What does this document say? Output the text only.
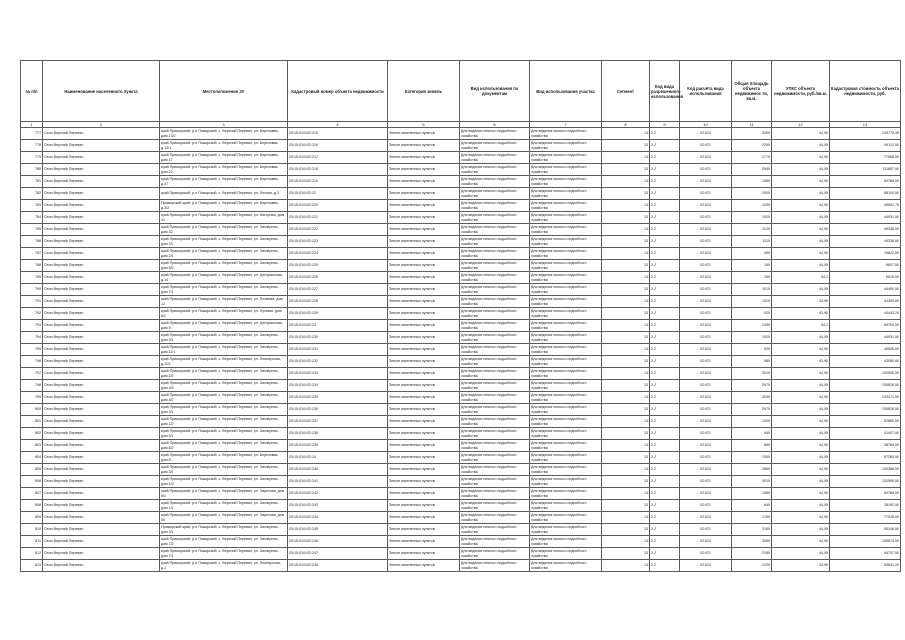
№ п/п	Наименование населенного пункта	Местоположение ЗУ	Кадастровый номер объекта недвижимости	Категория земель	Вид использования по документам	Вид использования участка	Сегмент	Код вида разрешенного использования	Код расчёта вида использования	Общая площадь объекта недвижимос ти, кв.м.	УПКС объекта недвижимости, руб./кв.м.	Кадастровая стоимость объекта недвижимости, руб.
1	2	3	4	5	6	7	8	9	10	11	12	13
777	Село Верхний Перевал	край Приморский, р-н Пожарский, с. Верхний Перевал, ул. Березовая, дом 13/2	25:15:010102:215	Земли населенных пунктов	Для ведения личного подсобного хозяйства	Для ведения личного подсобного хозяйства	13	2.2	02:021	3400	44,05	149770,45
778	Село Верхний Перевал	край Приморский, р-н Пожарский, с. Верхний Перевал, ул. Березовая, д.13/1	25:15:010102:216	Земли населенных пунктов	Для ведения личного подсобного хозяйства	Для ведения личного подсобного хозяйства	13	2.2	02:021	2250	44,05	99112,50
779	Село Верхний Перевал	край Приморский, р-н Пожарский, с. Верхний Перевал, ул. Березовая, дом 17	25:15:010102:217	Земли населенных пунктов	Для ведения личного подсобного хозяйства	Для ведения личного подсобного хозяйства	13	2.2	02:021	1770	44,05	77968,50
780	Село Верхний Перевал	край Приморский, р-н Пожарский, с. Верхний Перевал, ул. Березовая, дом 22	25:15:010102:218	Земли населенных пунктов	Для ведения личного подсобного хозяйства	Для ведения личного подсобного хозяйства	13	2.2	02:021	2540	44,05	111887,00
781	Село Верхний Перевал	край Приморский, р-н Пожарский, с. Верхний Перевал, ул. Березовая, д.37	25:15:010102:219	Земли населенных пунктов	Для ведения личного подсобного хозяйства	Для ведения личного подсобного хозяйства	13	2.2	02:021	1380	44,05	60789,00
782	Село Верхний Перевал	край Приморский, р-н Пожарский, с. Верхний Перевал, ул. Лесная, д.3	25:15:010102:22	Земли населенных пунктов	Для ведения личного подсобного хозяйства	Для ведения личного подсобного хозяйства	13	2.2	02:021	2000	44,05	88100,00
783	Село Верхний Перевал	Приморский край, р-н Пожарский, с. Верхний Перевал, ул. Березовая, д.3/2	25:15:010102:220	Земли населенных пунктов	Для ведения личного подсобного хозяйства	Для ведения личного подсобного хозяйства	13	2.2	02:021	1035	44,05	45591,75
784	Село Верхний Перевал	край Приморский, р-н Пожарский, с. Верхний Перевал, ул. Нагорная, дом 41	25:15:010102:221	Земли населенных пунктов	Для ведения личного подсобного хозяйства	Для ведения личного подсобного хозяйства	13	2.2	02:021	1020	44,05	44931,00
785	Село Верхний Перевал	край Приморский, р-н Пожарский, с. Верхний Перевал, ул. Заозерная, дом 32	25:15:010102:222	Земли населенных пунктов	Для ведения личного подсобного хозяйства	Для ведения личного подсобного хозяйства	13	2.2	02:021	1120	44,05	49336,00
786	Село Верхний Перевал	край Приморский, р-н Пожарский, с. Верхний Перевал, ул. Заозерная, дом 33	25:15:010102:223	Земли населенных пунктов	Для ведения личного подсобного хозяйства	Для ведения личного подсобного хозяйства	13	2.2	02:021	1120	44,05	49336,00
787	Село Верхний Перевал	край Приморский, р-н Пожарский, с. Верхний Перевал, ул. Заозерная, дом 2/1	25:15:010102:224	Земли населенных пунктов	Для ведения личного подсобного хозяйства	Для ведения личного подсобного хозяйства	13	2.2	02:021	450	44,05	19822,50
788	Село Верхний Перевал	край Приморский, р-н Пожарский, с. Верхний Перевал, ул. Заозерная, дом 5/2	25:15:010102:225	Земли населенных пунктов	Для ведения личного подсобного хозяйства	Для ведения личного подсобного хозяйства	13	2.2	02:021	150	44,05	6607,50
789	Село Верхний Перевал	край Приморский, р-н Пожарский, с. Верхний Перевал, ул. Центральная, д.14	25:15:010102:226	Земли населенных пунктов	Для ведения личного подсобного хозяйства	Для ведения личного подсобного хозяйства	13	2.2	02:021	150	44,1	6615,00
790	Село Верхний Перевал	край Приморский, р-н Пожарский, с. Верхний Перевал, ул. Заозерная, дом 7/1	25:15:010102:227	Земли населенных пунктов	Для ведения личного подсобного хозяйства	Для ведения личного подсобного хозяйства	13	2.2	02:021	1010	44,05	44490,50
791	Село Верхний Перевал	край Приморский, р-н Пожарский, с. Верхний Перевал, ул. Полевая, дом 12	25:15:010102:228	Земли населенных пунктов	Для ведения личного подсобного хозяйства	Для ведения личного подсобного хозяйства	13	2.2	02:021	1010	43,96	44399,60
792	Село Верхний Перевал	край Приморский, р-н Пожарский, с. Верхний Перевал, ул. Луговая, дом 8/2	25:15:010102:229	Земли населенных пунктов	Для ведения личного подсобного хозяйства	Для ведения личного подсобного хозяйства	13	2.2	02:021	920	43,96	40443,20
793	Село Верхний Перевал	край Приморский, р-н Пожарский, с. Верхний Перевал, ул. Центральная, дом 9	25:15:010102:23	Земли населенных пунктов	Для ведения личного подсобного хозяйства	Для ведения личного подсобного хозяйства	13	2.2	02:021	1490	44,1	65709,00
794	Село Верхний Перевал	край Приморский, р-н Пожарский, с. Верхний Перевал, ул. Заозерная, дом 9/1	25:15:010102:230	Земли населенных пунктов	Для ведения личного подсобного хозяйства	Для ведения личного подсобного хозяйства	13	2.2	02:021	1020	44,05	44931,00
795	Село Верхний Перевал	край Приморский, р-н Пожарский, с. Верхний Перевал, ул. Заозерная, дом 11/1	25:15:010102:231	Земли населенных пунктов	Для ведения личного подсобного хозяйства	Для ведения личного подсобного хозяйства	13	2.2	02:021	920	44,05	40526,00
796	Село Верхний Перевал	край Приморский, р-н Пожарский, с. Верхний Перевал, ул. Пионерская, д.11/1	25:15:010102:232	Земли населенных пунктов	Для ведения личного подсобного хозяйства	Для ведения личного подсобного хозяйства	13	2.2	02:021	980	43,96	43080,80
797	Село Верхний Перевал	край Приморский, р-н Пожарский, с. Верхний Перевал, ул. Заозерная, дом 2/2	25:15:010102:233	Земли населенных пунктов	Для ведения личного подсобного хозяйства	Для ведения личного подсобного хозяйства	13	2.2	02:021	3010	44,05	132590,50
798	Село Верхний Перевал	край Приморский, р-н Пожарский, с. Верхний Перевал, ул. Заозерная, дом 4/3	25:15:010102:234	Земли населенных пунктов	Для ведения личного подсобного хозяйства	Для ведения личного подсобного хозяйства	13	2.2	02:021	2970	44,05	130828,50
799	Село Верхний Перевал	край Приморский, р-н Пожарский, с. Верхний Перевал, ул. Заозерная, дом 4/2	25:15:010102:235	Земли населенных пунктов	Для ведения личного подсобного хозяйства	Для ведения личного подсобного хозяйства	13	2.2	02:021	3030	44,05	133471,50
800	Село Верхний Перевал	край Приморский, р-н Пожарский, с. Верхний Перевал, ул. Заозерная, дом 3/1	25:15:010102:236	Земли населенных пунктов	Для ведения личного подсобного хозяйства	Для ведения личного подсобного хозяйства	13	2.2	02:021	2970	44,05	130828,50
801	Село Верхний Перевал	край Приморский, р-н Пожарский, с. Верхний Перевал, ул. Заозерная, дом 1/2	25:15:010102:237	Земли населенных пунктов	Для ведения личного подсобного хозяйства	Для ведения личного подсобного хозяйства	13	2.2	02:021	1200	44,05	52860,00
802	Село Верхний Перевал	край Приморский, р-н Пожарский, с. Верхний Перевал, ул. Заозерная, дом 5/1	25:15:010102:238	Земли населенных пунктов	Для ведения личного подсобного хозяйства	Для ведения личного подсобного хозяйства	13	2.2	02:021	940	44,05	41407,00
803	Село Верхний Перевал	край Приморский, р-н Пожарский, с. Верхний Перевал, ул. Заозерная, дом 6/2	25:15:010102:239	Земли населенных пунктов	Для ведения личного подсобного хозяйства	Для ведения личного подсобного хозяйства	13	2.2	02:021	880	44,05	38764,00
804	Село Верхний Перевал	край Приморский, р-н Пожарский, с. Верхний Перевал, ул. Березовая, дом 8	25:15:010102:24	Земли населенных пунктов	Для ведения личного подсобного хозяйства	Для ведения личного подсобного хозяйства	13	2.2	02:021	1300	44,05	57265,00
805	Село Верхний Перевал	край Приморский, р-н Пожарский, с. Верхний Перевал, ул. Заозерная, дом 3/1	25:15:010102:240	Земли населенных пунктов	Для ведения личного подсобного хозяйства	Для ведения личного подсобного хозяйства	13	2.2	02:021	2960	44,05	130388,00
806	Село Верхний Перевал	край Приморский, р-н Пожарский, с. Верхний Перевал, ул. Заозерная, дом 1/3	25:15:010102:241	Земли населенных пунктов	Для ведения личного подсобного хозяйства	Для ведения личного подсобного хозяйства	13	2.2	02:021	3010	44,05	132590,50
807	Село Верхний Перевал	край Приморский, р-н Пожарский, с. Верхний Перевал, ул. Заречная, дом 6/1	25:15:010102:242	Земли населенных пунктов	Для ведения личного подсобного хозяйства	Для ведения личного подсобного хозяйства	13	2.2	02:021	1380	44,05	60789,00
808	Село Верхний Перевал	край Приморский, р-н Пожарский, с. Верхний Перевал, ул. Заозерная, дом 1/1	25:15:010102:243	Земли населенных пунктов	Для ведения личного подсобного хозяйства	Для ведения личного подсобного хозяйства	13	2.2	02:021	640	44,05	28192,00
809	Село Верхний Перевал	край Приморский, р-н Пожарский, с. Верхний Перевал, ул. Заречная, дом 50	25:15:010102:244	Земли населенных пунктов	Для ведения личного подсобного хозяйства	Для ведения личного подсобного хозяйства	13	2.2	02:021	1760	44,05	77528,00
810	Село Верхний Перевал	Приморский край, р-н Пожарский, с. Верхний Перевал, ул. Заозерная, дом 3/1	25:15:010102:245	Земли населенных пунктов	Для ведения личного подсобного хозяйства	Для ведения личного подсобного хозяйства	13	2.2	02:021	2160	44,05	95148,00
811	Село Верхний Перевал	край Приморский, р-н Пожарский, с. Верхний Перевал, ул. Заозерная, дом 7/2	25:15:010102:246	Земли населенных пунктов	Для ведения личного подсобного хозяйства	Для ведения личного подсобного хозяйства	13	2.2	02:021	3080	44,05	135674,00
812	Село Верхний Перевал	край Приморский, р-н Пожарский, с. Верхний Перевал, ул. Заозерная, дом 7/1	25:15:010102:247	Земли населенных пунктов	Для ведения личного подсобного хозяйства	Для ведения личного подсобного хозяйства	13	2.2	02:021	2150	44,05	94707,50
813	Село Верхний Перевал	край Приморский, р-н Пожарский, с. Верхний Перевал, ул. Пионерская, д.1	25:15:010102:248	Земли населенных пунктов	Для ведения личного подсобного хозяйства	Для ведения личного подсобного хозяйства	13	2.2	02:021	1220	43,96	53631,20
